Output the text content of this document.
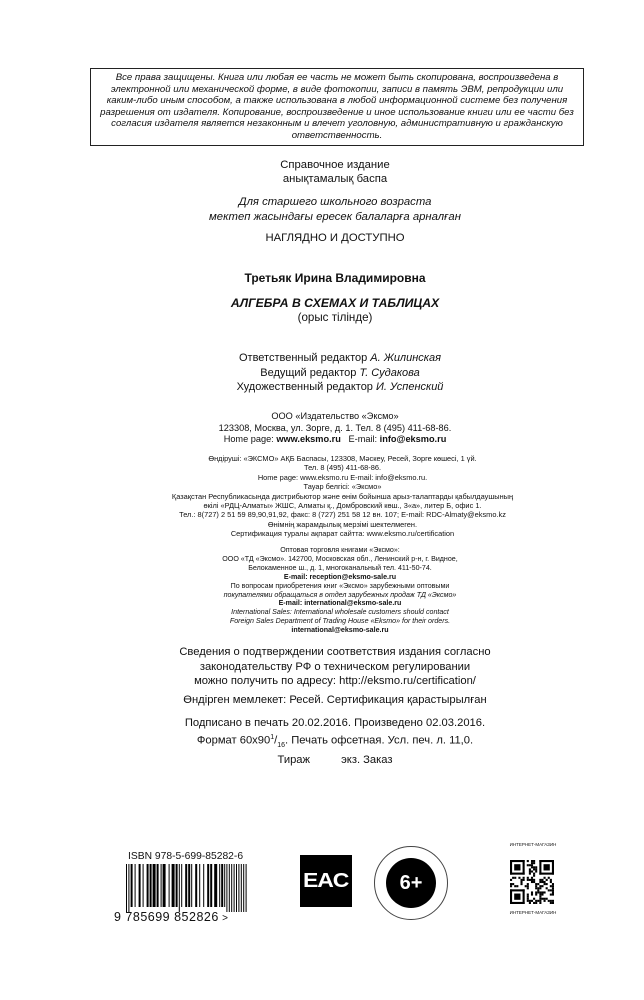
Все права защищены. Книга или любая ее часть не может быть скопирована, воспроизведена в электронной или механической форме, в виде фотокопии, записи в память ЭВМ, репродукции или каким-либо иным способом, а также использована в любой информационной системе без получения разрешения от издателя. Копирование, воспроизведение и иное использование книги или ее части без согласия издателя является незаконным и влечет уголовную, административную и гражданскую ответственность.
Справочное издание
анықтамалық баспа
Для старшего школьного возраста
мектеп жасындағы ересек балаларға арналған
НАГЛЯДНО И ДОСТУПНО
Третьяк Ирина Владимировна
АЛГЕБРА В СХЕМАХ И ТАБЛИЦАХ
(орыс тілінде)
Ответственный редактор А. Жилинская
Ведущий редактор Т. Судакова
Художественный редактор И. Успенский
ООО «Издательство «Эксмо»
123308, Москва, ул. Зорге, д. 1. Тел. 8 (495) 411-68-86.
Home page: www.eksmo.ru E-mail: info@eksmo.ru
Өндіруші: «ЭКСМО» АҚБ Баспасы, 123308, Мәскеу, Ресей, Зорге көшесі, 1 үй.
Тел. 8 (495) 411-68-86.
Home page: www.eksmo.ru E-mail: info@eksmo.ru.
Тауар белгісі: «Эксмо»
Қазақстан Республикасында дистрибьютор және өнім бойынша арыз-талаптарды қабылдаушының
өкілі «РДЦ-Алматы» ЖШС, Алматы қ., Домбровский көш., 3«а», литер Б, офис 1.
Тел.: 8(727) 2 51 59 89,90,91,92, факс: 8 (727) 251 58 12 вн. 107; E-mail: RDC-Almaty@eksmo.kz
Өнімнің жарамдылық мерзімі шектелмеген.
Сертификация туралы ақпарат сайтта: www.eksmo.ru/certification
Оптовая торговля книгами «Эксмо»:
ООО «ТД «Эксмо». 142700, Московская обл., Ленинский р-н, г. Видное,
Белокаменное ш., д. 1, многоканальный тел. 411-50-74.
E-mail: reception@eksmo-sale.ru
По вопросам приобретения книг «Эксмо» зарубежными оптовыми
покупателями обращаться в отдел зарубежных продаж ТД «Эксмо»
E-mail: international@eksmo-sale.ru
International Sales: International wholesale customers should contact
Foreign Sales Department of Trading House «Eksmo» for their orders.
international@eksmo-sale.ru
Сведения о подтверждении соответствия издания согласно
законодательству РФ о техническом регулировании
можно получить по адресу: http://eksmo.ru/certification/
Өндірген мемлекет: Ресей. Сертификация қарастырылған
Подписано в печать 20.02.2016. Произведено 02.03.2016.
Формат $60х90^1/_{16}$. Печать офсетная. Усл. печ. л. 11,0.
Тираж          экз. Заказ
ISBN 978-5-699-85282-6
9 785699 852826 >
EAC	6+
ИНТЕРНЕТ-МАГАЗИН
ИНТЕРНЕТ-МАГАЗИН
